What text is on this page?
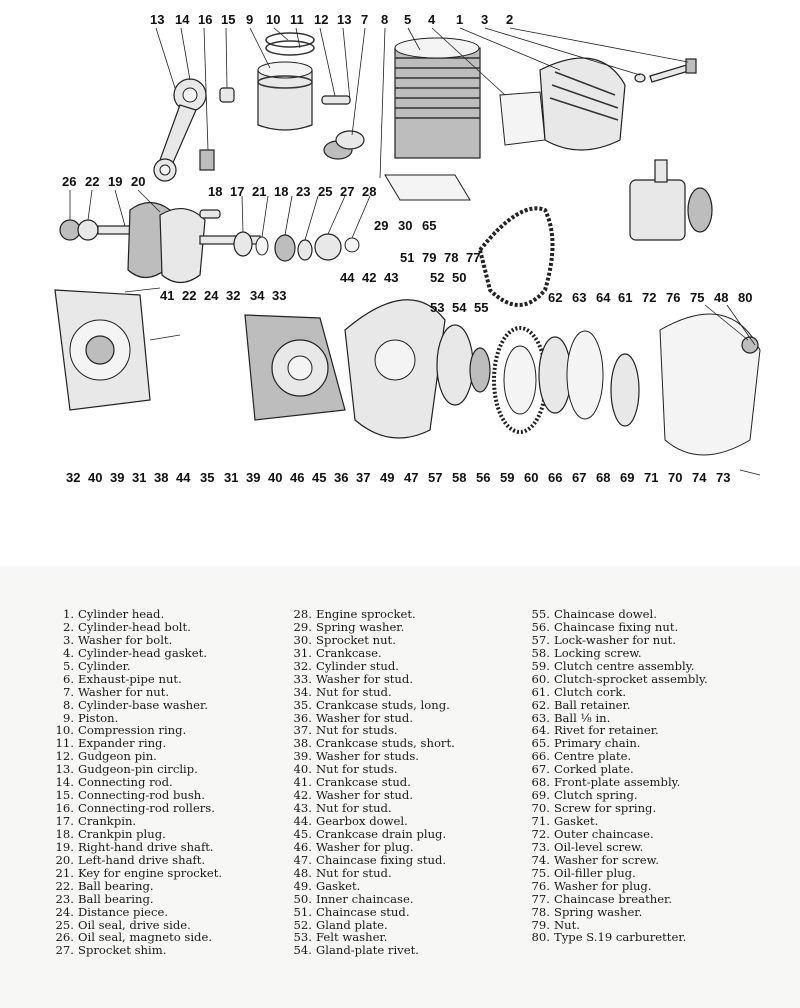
13 14 16 15 9 10 11 12 13 7 8 5 4 1 3 2
26 22 19 20
18 17 21 18 23 25 27 28
29 30 65
51 79 78 77
44 42 43 52 50
53 54 55
41 22 24 32 34 33	62 63 64 61 72 76 75 48 80
32 40 39 31 38 44 35 31 39 40 46 45 36 37 49 47 57 58 56 59 60 66 67 68 69 71 70 74 73
1. Cylinder head.
2. Cylinder-head bolt.
3. Washer for bolt.
4. Cylinder-head gasket.
5. Cylinder.
6. Exhaust-pipe nut.
7. Washer for nut.
8. Cylinder-base washer.
9. Piston.
10. Compression ring.
11. Expander ring.
12. Gudgeon pin.
13. Gudgeon-pin circlip.
14. Connecting rod.
15. Connecting-rod bush.
16. Connecting-rod rollers.
17. Crankpin.
18. Crankpin plug.
19. Right-hand drive shaft.
20. Left-hand drive shaft.
21. Key for engine sprocket.
22. Ball bearing.
23. Ball bearing.
24. Distance piece.
25. Oil seal, drive side.
26. Oil seal, magneto side.
27. Sprocket shim.
28. Engine sprocket.
29. Spring washer.
30. Sprocket nut.
31. Crankcase.
32. Cylinder stud.
33. Washer for stud.
34. Nut for stud.
35. Crankcase studs, long.
36. Washer for stud.
37. Nut for studs.
38. Crankcase studs, short.
39. Washer for studs.
40. Nut for studs.
41. Crankcase stud.
42. Washer for stud.
43. Nut for stud.
44. Gearbox dowel.
45. Crankcase drain plug.
46. Washer for plug.
47. Chaincase fixing stud.
48. Nut for stud.
49. Gasket.
50. Inner chaincase.
51. Chaincase stud.
52. Gland plate.
53. Felt washer.
54. Gland-plate rivet.
55. Chaincase dowel.
56. Chaincase fixing nut.
57. Lock-washer for nut.
58. Locking screw.
59. Clutch centre assembly.
60. Clutch-sprocket assembly.
61. Clutch cork.
62. Ball retainer.
63. Ball ⅛ in.
64. Rivet for retainer.
65. Primary chain.
66. Centre plate.
67. Corked plate.
68. Front-plate assembly.
69. Clutch spring.
70. Screw for spring.
71. Gasket.
72. Outer chaincase.
73. Oil-level screw.
74. Washer for screw.
75. Oil-filler plug.
76. Washer for plug.
77. Chaincase breather.
78. Spring washer.
79. Nut.
80. Type S.19 carburetter.
